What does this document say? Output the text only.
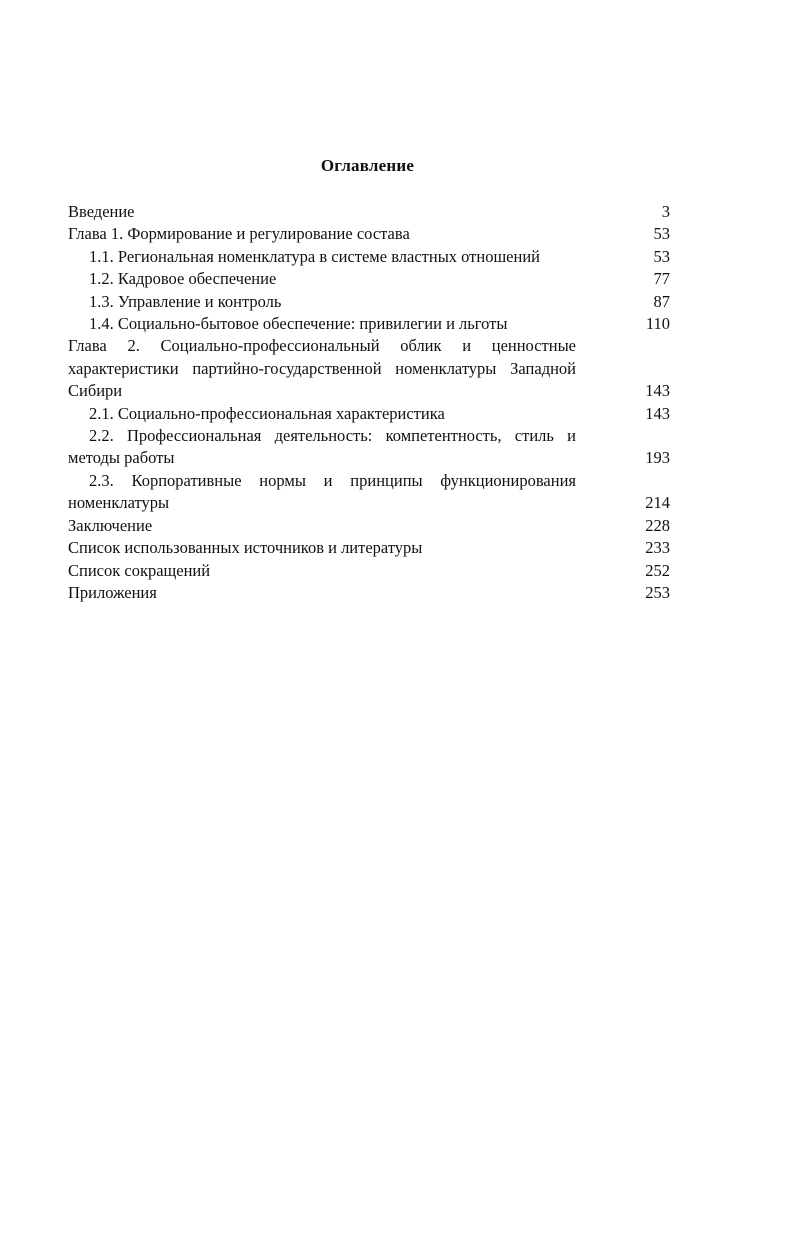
Оглавление
Введение	3
Глава 1. Формирование и регулирование состава	53
1.1. Региональная номенклатура в системе властных отношений	53
1.2. Кадровое обеспечение	77
1.3. Управление и контроль	87
1.4. Социально-бытовое обеспечение: привилегии и льготы	110
Глава 2. Социально-профессиональный облик и ценностные характеристики партийно-государственной номенклатуры Западной Сибири	143
2.1. Социально-профессиональная характеристика	143
2.2. Профессиональная деятельность: компетентность, стиль и методы работы	193
2.3. Корпоративные нормы и принципы функционирования номенклатуры	214
Заключение	228
Список использованных источников и литературы	233
Список сокращений	252
Приложения	253
